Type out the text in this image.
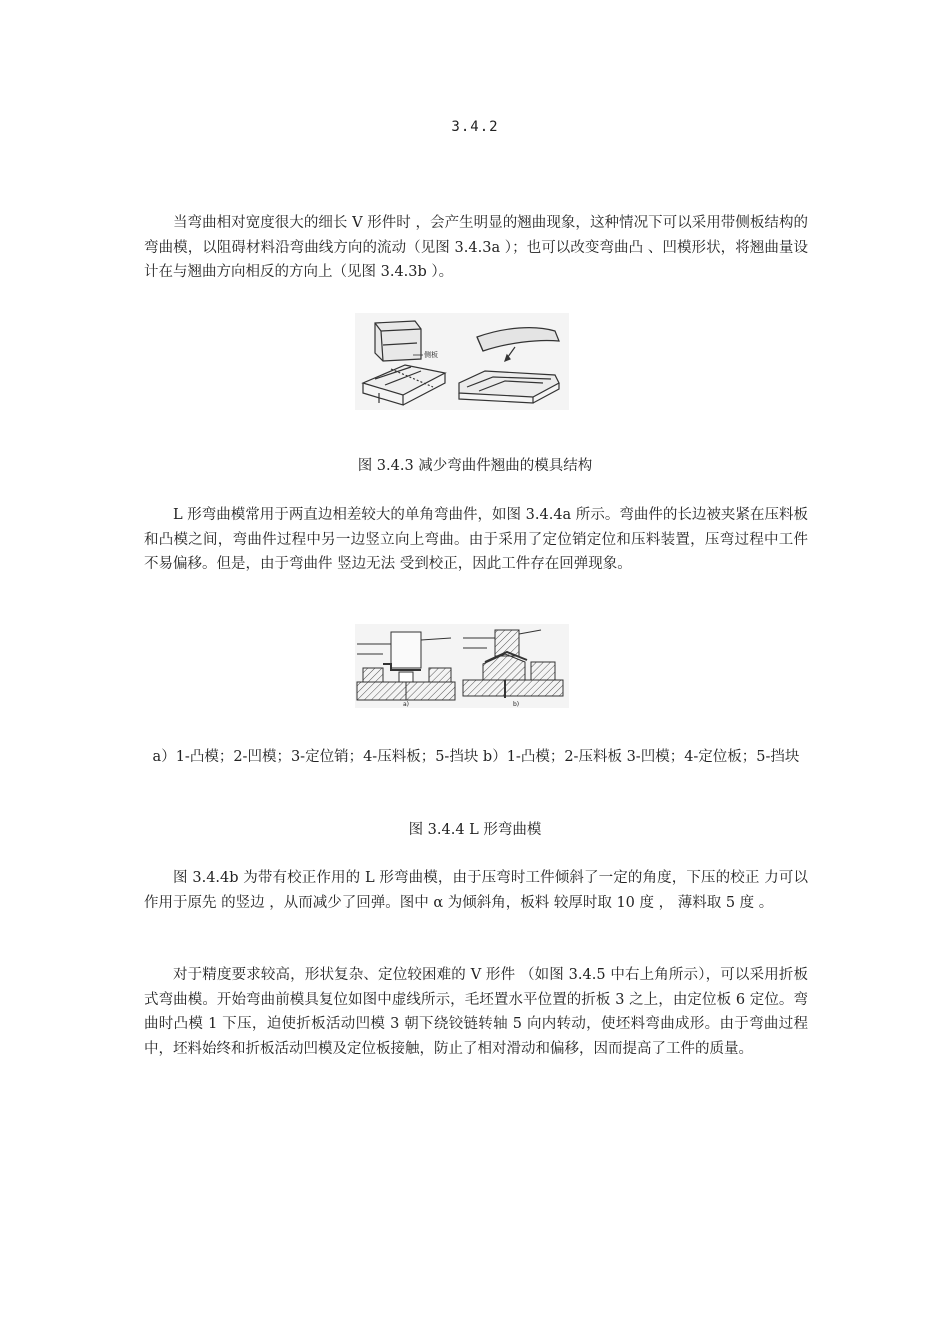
3.4.2

当弯曲相对宽度很大的细长 V 形件时 ，会产生明显的翘曲现象，这种情况下可以采用带侧板结构的弯曲模，以阻碍材料沿弯曲线方向的流动（见图 3.4.3a ）；也可以改变弯曲凸 、凹模形状，将翘曲量设计在与翘曲方向相反的方向上（见图 3.4.3b ）。

侧板
图 3.4.3 减少弯曲件翘曲的模具结构

L 形弯曲模常用于两直边相差较大的单角弯曲件，如图 3.4.4a 所示。弯曲件的长边被夹紧在压料板和凸模之间，弯曲件过程中另一边竖立向上弯曲。由于采用了定位销定位和压料装置，压弯过程中工件不易偏移。但是，由于弯曲件 竖边无法 受到校正，因此工件存在回弹现象。

a)	b)
a）1-凸模；2-凹模；3-定位销；4-压料板；5-挡块 b）1-凸模；2-压料板 3-凹模；4-定位板；5-挡块
图 3.4.4 L 形弯曲模

图 3.4.4b 为带有校正作用的 L 形弯曲模，由于压弯时工件倾斜了一定的角度，下压的校正 力可以 作用于原先 的竖边 ，从而减少了回弹。图中 α 为倾斜角，板料 较厚时取 10 度 ， 薄料取 5 度 。

对于精度要求较高，形状复杂、定位较困难的 V 形件 （如图 3.4.5 中右上角所示），可以采用折板式弯曲模。开始弯曲前模具复位如图中虚线所示，毛坯置水平位置的折板 3 之上，由定位板 6 定位。弯曲时凸模 1 下压，迫使折板活动凹模 3 朝下绕铰链转轴 5 向内转动，使坯料弯曲成形。由于弯曲过程中，坯料始终和折板活动凹模及定位板接触，防止了相对滑动和偏移，因而提高了工件的质量。
